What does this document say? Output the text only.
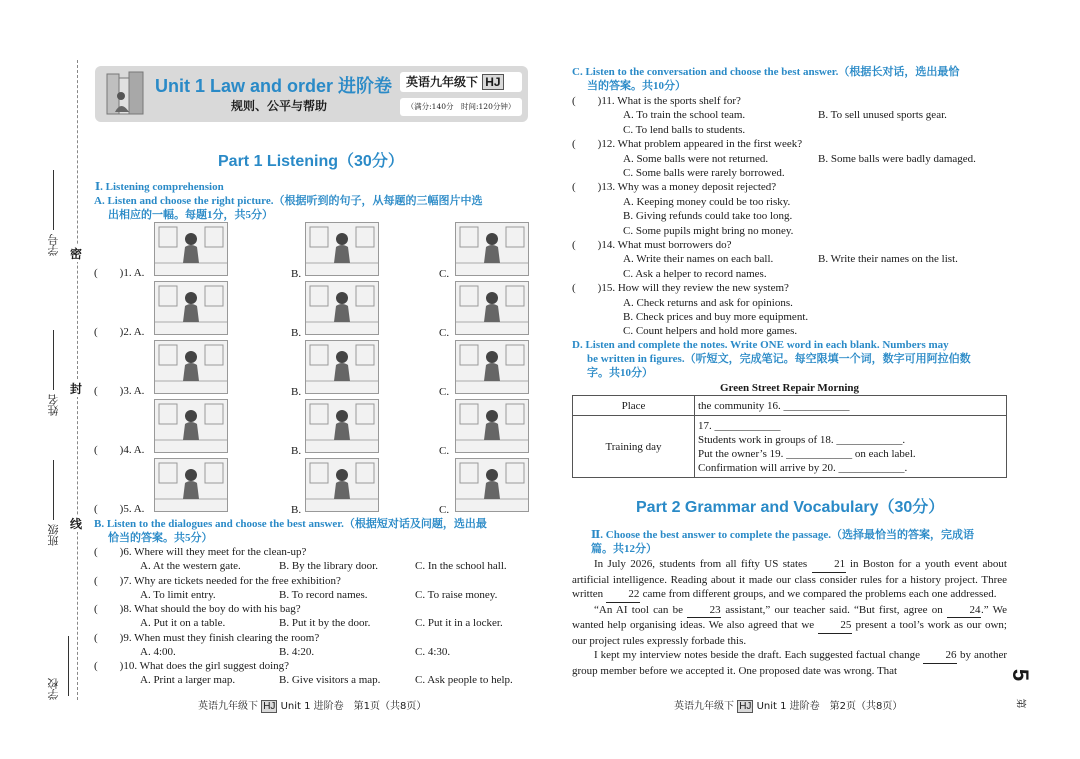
学号
姓名
班级
学校
密
封
线
Unit 1 Law and order 进阶卷
规则、公平与帮助
英语九年级下 HJ
（满分:140分　时间:120分钟）
Part 1 Listening（30分）
Ⅰ. Listening comprehension
A. Listen and choose the right picture.（根据听到的句子，从每题的三幅图片中选
出相应的一幅。每题1分，共5分）
(　　)1. A.	B.	C.
(　　)2. A.	B.	C.
(　　)3. A.	B.	C.
(　　)4. A.	B.	C.
(　　)5. A.	B.	C.
B. Listen to the dialogues and choose the best answer.（根据短对话及问题，选出最
恰当的答案。共5分）
(　　)6. Where will they meet for the clean-up?
A. At the western gate.	B. By the library door.	C. In the school hall.
(　　)7. Why are tickets needed for the free exhibition?
A. To limit entry.	B. To record names.	C. To raise money.
(　　)8. What should the boy do with his bag?
A. Put it on a table.	B. Put it by the door.	C. Put it in a locker.
(　　)9. When must they finish clearing the room?
A. 4:00.	B. 4:20.	C. 4:30.
(　　)10. What does the girl suggest doing?
A. Print a larger map.	B. Give visitors a map.	C. Ask people to help.
C. Listen to the conversation and choose the best answer.（根据长对话，选出最恰
当的答案。共10分）
(　　)11. What is the sports shelf for?
A. To train the school team.	B. To sell unused sports gear.
C. To lend balls to students.
(　　)12. What problem appeared in the first week?
A. Some balls were not returned.	B. Some balls were badly damaged.
C. Some balls were rarely borrowed.
(　　)13. Why was a money deposit rejected?
A. Keeping money could be too risky.
B. Giving refunds could take too long.
C. Some pupils might bring no money.
(　　)14. What must borrowers do?
A. Write their names on each ball.	B. Write their names on the list.
C. Ask a helper to record names.
(　　)15. How will they review the new system?
A. Check returns and ask for opinions.
B. Check prices and buy more equipment.
C. Count helpers and hold more games.
D. Listen and complete the notes. Write ONE word in each blank. Numbers may
be written in figures.（听短文，完成笔记。每空限填一个词，数字可用阿拉伯数
字。共10分）
Green Street Repair Morning
Place	the community 16. ____________
Training day	17. ____________
Students work in groups of 18. ____________.
Put the owner’s 19. ____________ on each label.
Confirmation will arrive by 20. ____________.
Part 2 Grammar and Vocabulary（30分）
Ⅱ. Choose the best answer to complete the passage.（选择最恰当的答案，完成语
篇。共12分）

In July 2026, students from all fifty US states 21 in Boston for a youth event about artificial intelligence. Reading about it made our class consider rules for a history project. Three written 22 came from different groups, and we compared the problems each one addressed.

“An AI tool can be 23 assistant,” our teacher said. “But first, agree on 24.” We wanted help organising ideas. We also agreed that we 25 present a tool’s work as our own; our project rules expressly forbade this.

I kept my interview notes beside the draft. Each suggested factual change 26 by another group member before we accepted it. One proposed date was wrong. That	5
第
英语九年级下 HJ Unit 1 进阶卷　第1页（共8页）	英语九年级下 HJ Unit 1 进阶卷　第2页（共8页）
